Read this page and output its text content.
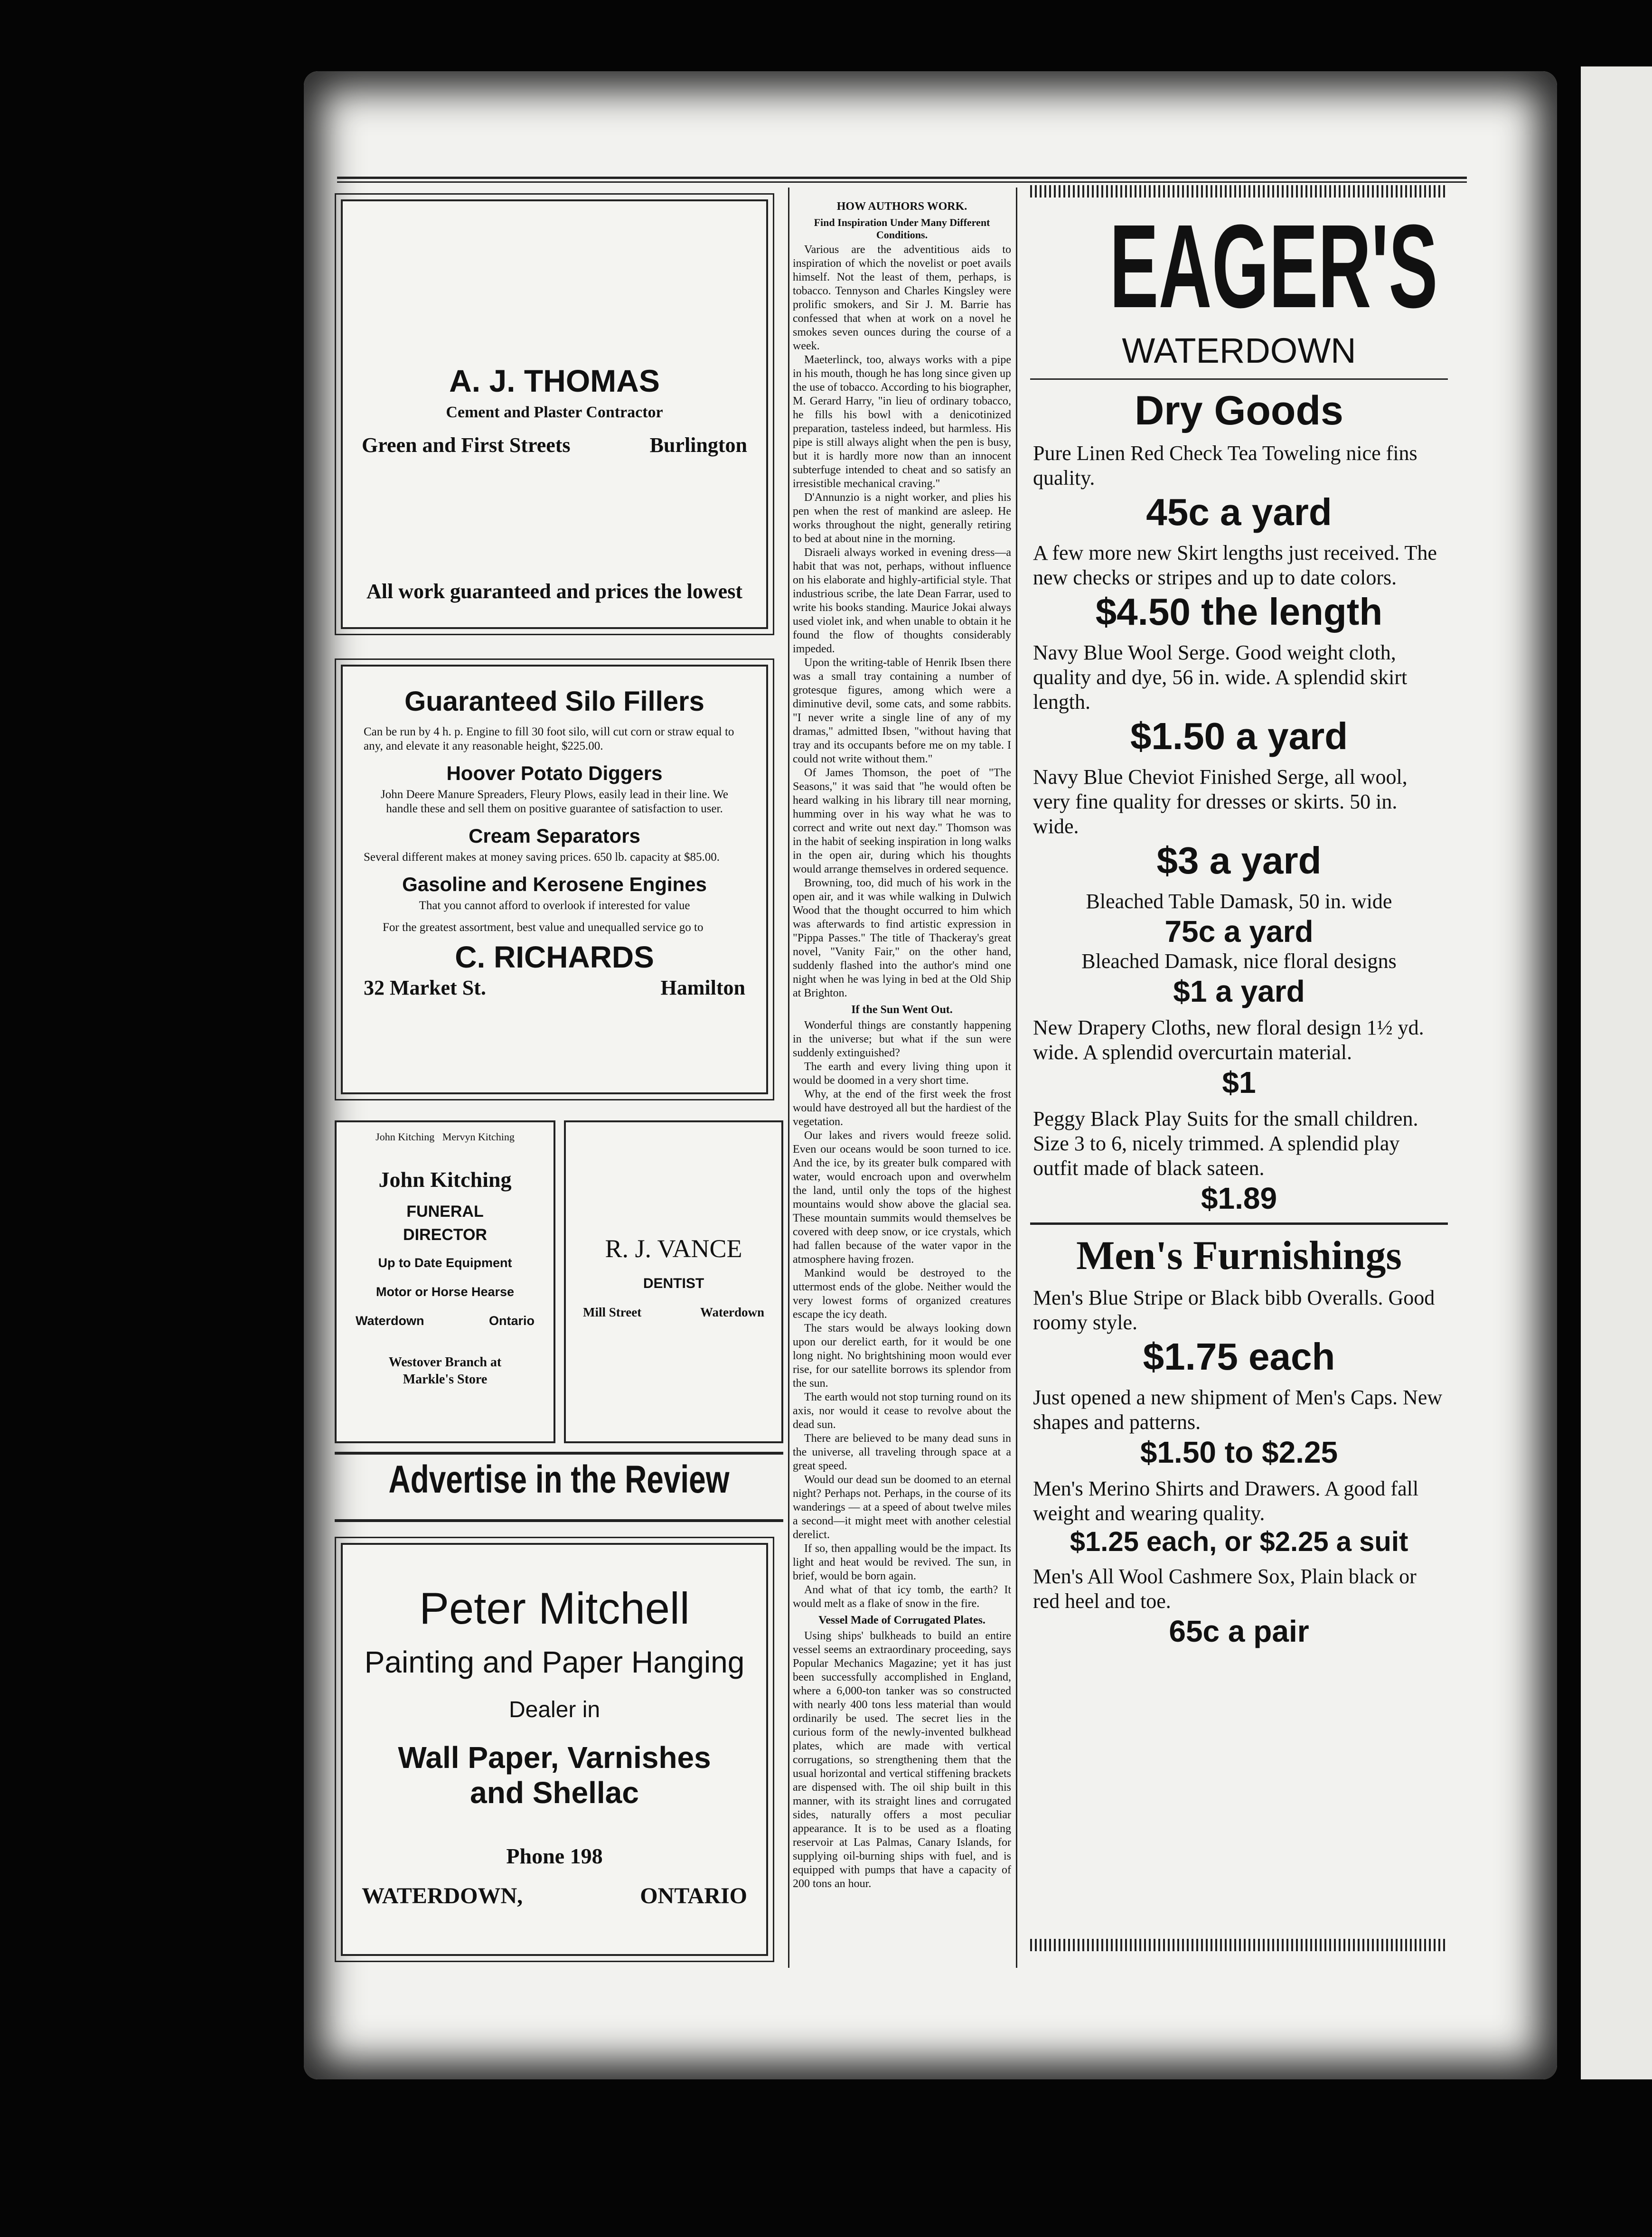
A. J. THOMAS
Cement and Plaster Contractor
Green and First Streets	Burlington
All work guaranteed and prices the lowest
Guaranteed Silo Fillers
Can be run by 4 h. p. Engine to fill 30 foot silo, will cut corn or straw equal to any, and elevate it any reasonable height, $225.00.
Hoover Potato Diggers
John Deere Manure Spreaders, Fleury Plows, easily lead in their line. We handle these and sell them on positive guarantee of satisfaction to user.
Cream Separators
Several different makes at money saving prices. 650 lb. capacity at $85.00.
Gasoline and Kerosene Engines
That you cannot afford to overlook if interested for value
For the greatest assortment, best value and unequalled service go to
C. RICHARDS
32 Market St.	Hamilton
John Kitching   Mervyn Kitching
John Kitching
FUNERAL
DIRECTOR
Up to Date Equipment
Motor or Horse Hearse
Waterdown	Ontario
Westover Branch at Markle's Store
R. J. VANCE
DENTIST
Mill Street	Waterdown
Advertise in the Review
Peter Mitchell
Painting and Paper Hanging
Dealer in
Wall Paper, Varnishes
and Shellac
Phone 198
WATERDOWN,	ONTARIO
HOW AUTHORS WORK.
Find Inspiration Under Many Different Conditions.

Various are the adventitious aids to inspiration of which the novelist or poet avails himself. Not the least of them, perhaps, is tobacco. Tennyson and Charles Kingsley were prolific smokers, and Sir J. M. Barrie has confessed that when at work on a novel he smokes seven ounces during the course of a week.

Maeterlinck, too, always works with a pipe in his mouth, though he has long since given up the use of tobacco. According to his biographer, M. Gerard Harry, "in lieu of ordinary tobacco, he fills his bowl with a denicotinized preparation, tasteless indeed, but harmless. His pipe is still always alight when the pen is busy, but it is hardly more now than an innocent subterfuge intended to cheat and so satisfy an irresistible mechanical craving."

D'Annunzio is a night worker, and plies his pen when the rest of mankind are asleep. He works throughout the night, generally retiring to bed at about nine in the morning.

Disraeli always worked in evening dress—a habit that was not, perhaps, without influence on his elaborate and highly-artificial style. That industrious scribe, the late Dean Farrar, used to write his books standing. Maurice Jokai always used violet ink, and when unable to obtain it he found the flow of thoughts considerably impeded.

Upon the writing-table of Henrik Ibsen there was a small tray containing a number of grotesque figures, among which were a diminutive devil, some cats, and some rabbits. "I never write a single line of any of my dramas," admitted Ibsen, "without having that tray and its occupants before me on my table. I could not write without them."

Of James Thomson, the poet of "The Seasons," it was said that "he would often be heard walking in his library till near morning, humming over in his way what he was to correct and write out next day." Thomson was in the habit of seeking inspiration in long walks in the open air, during which his thoughts would arrange themselves in ordered sequence.

Browning, too, did much of his work in the open air, and it was while walking in Dulwich Wood that the thought occurred to him which was afterwards to find artistic expression in "Pippa Passes." The title of Thackeray's great novel, "Vanity Fair," on the other hand, suddenly flashed into the author's mind one night when he was lying in bed at the Old Ship at Brighton.

If the Sun Went Out.

Wonderful things are constantly happening in the universe; but what if the sun were suddenly extinguished?

The earth and every living thing upon it would be doomed in a very short time.

Why, at the end of the first week the frost would have destroyed all but the hardiest of the vegetation.

Our lakes and rivers would freeze solid. Even our oceans would be soon turned to ice. And the ice, by its greater bulk compared with water, would encroach upon and overwhelm the land, until only the tops of the highest mountains would show above the glacial sea. These mountain summits would themselves be covered with deep snow, or ice crystals, which had fallen because of the water vapor in the atmosphere having frozen.

Mankind would be destroyed to the uttermost ends of the globe. Neither would the very lowest forms of organized creatures escape the icy death.

The stars would be always looking down upon our derelict earth, for it would be one long night. No brightshining moon would ever rise, for our satellite borrows its splendor from the sun.

The earth would not stop turning round on its axis, nor would it cease to revolve about the dead sun.

There are believed to be many dead suns in the universe, all traveling through space at a great speed.

Would our dead sun be doomed to an eternal night? Perhaps not. Perhaps, in the course of its wanderings — at a speed of about twelve miles a second—it might meet with another celestial derelict.

If so, then appalling would be the impact. Its light and heat would be revived. The sun, in brief, would be born again.

And what of that icy tomb, the earth? It would melt as a flake of snow in the fire.

Vessel Made of Corrugated Plates.

Using ships' bulkheads to build an entire vessel seems an extraordinary proceeding, says Popular Mechanics Magazine; yet it has just been successfully accomplished in England, where a 6,000-ton tanker was so constructed with nearly 400 tons less material than would ordinarily be used. The secret lies in the curious form of the newly-invented bulkhead plates, which are made with vertical corrugations, so strengthening them that the usual horizontal and vertical stiffening brackets are dispensed with. The oil ship built in this manner, with its straight lines and corrugated sides, naturally offers a most peculiar appearance. It is to be used as a floating reservoir at Las Palmas, Canary Islands, for supplying oil-burning ships with fuel, and is equipped with pumps that have a capacity of 200 tons an hour.

EAGER'S
WATERDOWN
Dry Goods
Pure Linen Red Check Tea Toweling nice fins quality.
45c a yard
A few more new Skirt lengths just received. The new checks or stripes and up to date colors.
$4.50 the length
Navy Blue Wool Serge. Good weight cloth, quality and dye, 56 in. wide. A splendid skirt length.
$1.50 a yard
Navy Blue Cheviot Finished Serge, all wool, very fine quality for dresses or skirts. 50 in. wide.
$3 a yard
Bleached Table Damask, 50 in. wide
75c a yard
Bleached Damask, nice floral designs
$1 a yard
New Drapery Cloths, new floral design 1½ yd. wide. A splendid overcurtain material.
$1
Peggy Black Play Suits for the small children. Size 3 to 6, nicely trimmed. A splendid play outfit made of black sateen.
$1.89
Men's Furnishings
Men's Blue Stripe or Black bibb Overalls. Good roomy style.
$1.75 each
Just opened a new shipment of Men's Caps. New shapes and patterns.
$1.50 to $2.25
Men's Merino Shirts and Drawers. A good fall weight and wearing quality.
$1.25 each, or $2.25 a suit
Men's All Wool Cashmere Sox, Plain black or red heel and toe.
65c a pair
